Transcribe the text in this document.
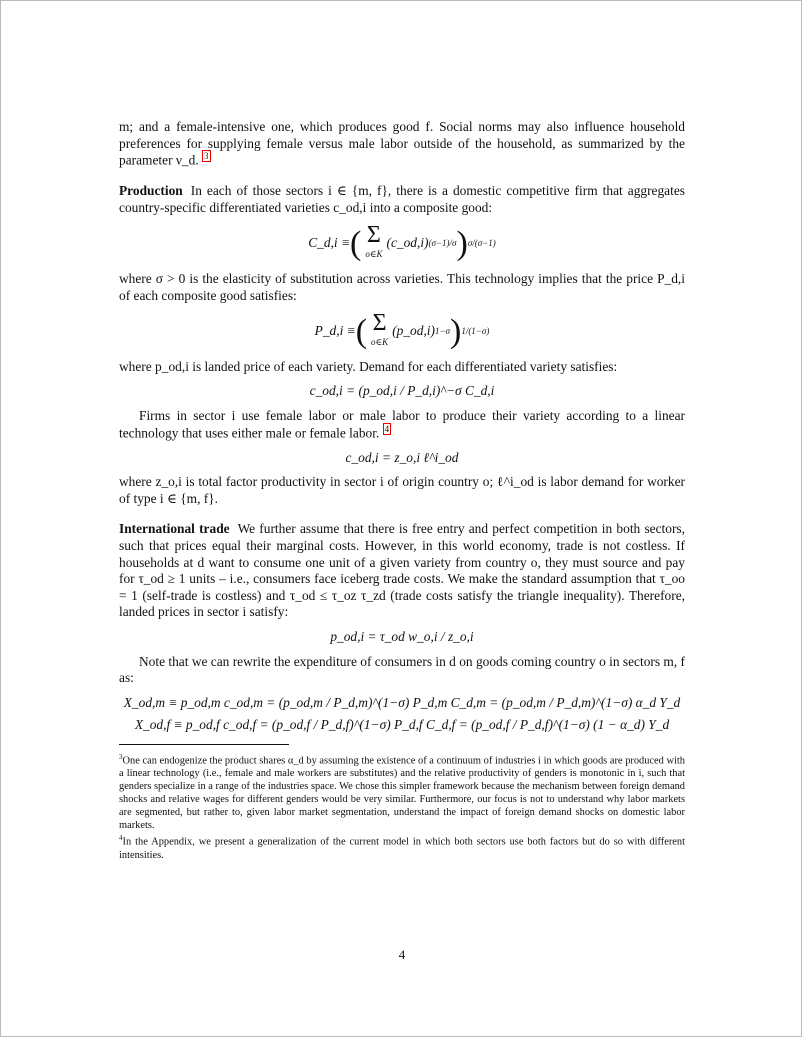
m; and a female-intensive one, which produces good f. Social norms may also influence household preferences for supplying female versus male labor outside of the household, as summarized by the parameter ν_d. $^3$

Production In each of those sectors i ∈ {m, f}, there is a domestic competitive firm that aggregates country-specific differentiated varieties c_od,i into a composite good:

C_d,i ≡ ( Σ
o∈K
(c_od,i) (σ−1)/σ ) σ/(σ−1)

where σ > 0 is the elasticity of substitution across varieties. This technology implies that the price P_d,i of each composite good satisfies:

P_d,i ≡ ( Σ
o∈K
(p_od,i) 1−σ ) 1/(1−σ)

where p_od,i is landed price of each variety. Demand for each differentiated variety satisfies:

c_od,i = (p_od,i / P_d,i)^−σ C_d,i

Firms in sector i use female labor or male labor to produce their variety according to a linear technology that uses either male or female labor. $^4$

c_od,i = z_o,i ℓ^i_od

where z_o,i is total factor productivity in sector i of origin country o; ℓ^i_od is labor demand for worker of type i ∈ {m, f}.

International trade We further assume that there is free entry and perfect competition in both sectors, such that prices equal their marginal costs. However, in this world economy, trade is not costless. If households at d want to consume one unit of a given variety from country o, they must source and pay for τ_od ≥ 1 units – i.e., consumers face iceberg trade costs. We make the standard assumption that τ_oo = 1 (self-trade is costless) and τ_od ≤ τ_oz τ_zd (trade costs satisfy the triangle inequality). Therefore, landed prices in sector i satisfy:

p_od,i = τ_od w_o,i / z_o,i

Note that we can rewrite the expenditure of consumers in d on goods coming country o in sectors m, f as:

X_od,m ≡ p_od,m c_od,m = (p_od,m / P_d,m)^(1−σ) P_d,m C_d,m = (p_od,m / P_d,m)^(1−σ) α_d Y_d
X_od,f ≡ p_od,f c_od,f = (p_od,f / P_d,f)^(1−σ) P_d,f C_d,f = (p_od,f / P_d,f)^(1−σ) (1 − α_d) Y_d

$^3$One can endogenize the product shares α_d by assuming the existence of a continuum of industries i in which goods are produced with a linear technology (i.e., female and male workers are substitutes) and the relative productivity of genders is monotonic in i, such that genders specialize in a range of the industries space. We chose this simpler framework because the mechanism between foreign demand shocks and relative wages for different genders would be very similar. Furthermore, our focus is not to understand why labor markets are segmented, but rather to, given labor market segmentation, understand the impact of foreign demand shocks on domestic labor markets.

$^4$In the Appendix, we present a generalization of the current model in which both sectors use both factors but do so with different intensities.

4
